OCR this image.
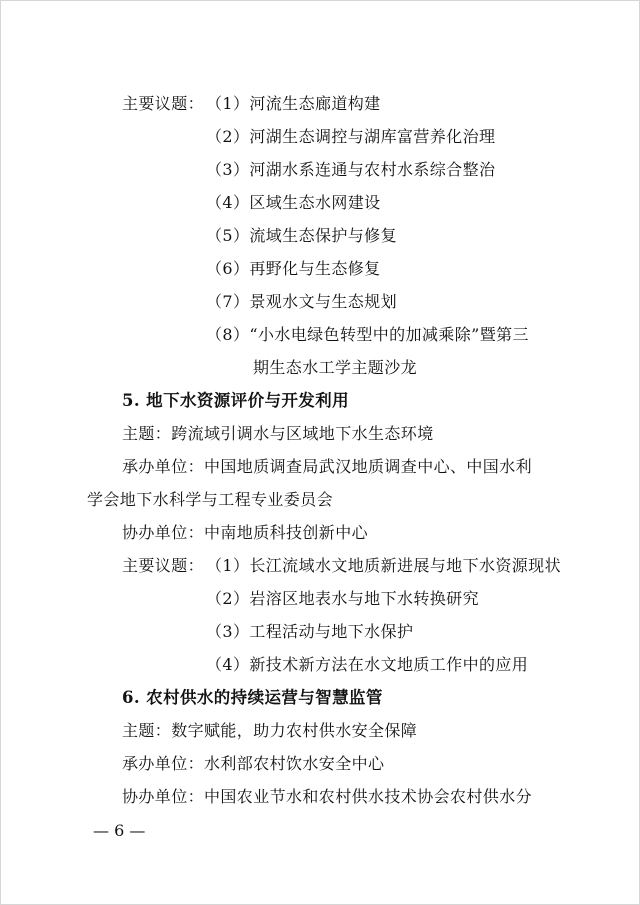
主要议题： （1）河流生态廊道构建
（2）河湖生态调控与湖库富营养化治理
（3）河湖水系连通与农村水系综合整治
（4）区域生态水网建设
（5）流域生态保护与修复
（6）再野化与生态修复
（7）景观水文与生态规划
（8）“小水电绿色转型中的加减乘除”暨第三
期生态水工学主题沙龙
5. 地下水资源评价与开发利用
主题：跨流域引调水与区域地下水生态环境
承办单位：中国地质调查局武汉地质调查中心、中国水利
学会地下水科学与工程专业委员会
协办单位：中南地质科技创新中心
主要议题： （1）长江流域水文地质新进展与地下水资源现状
（2）岩溶区地表水与地下水转换研究
（3）工程活动与地下水保护
（4）新技术新方法在水文地质工作中的应用
6. 农村供水的持续运营与智慧监管
主题：数字赋能，助力农村供水安全保障
承办单位：水利部农村饮水安全中心
协办单位：中国农业节水和农村供水技术协会农村供水分
— 6 —
